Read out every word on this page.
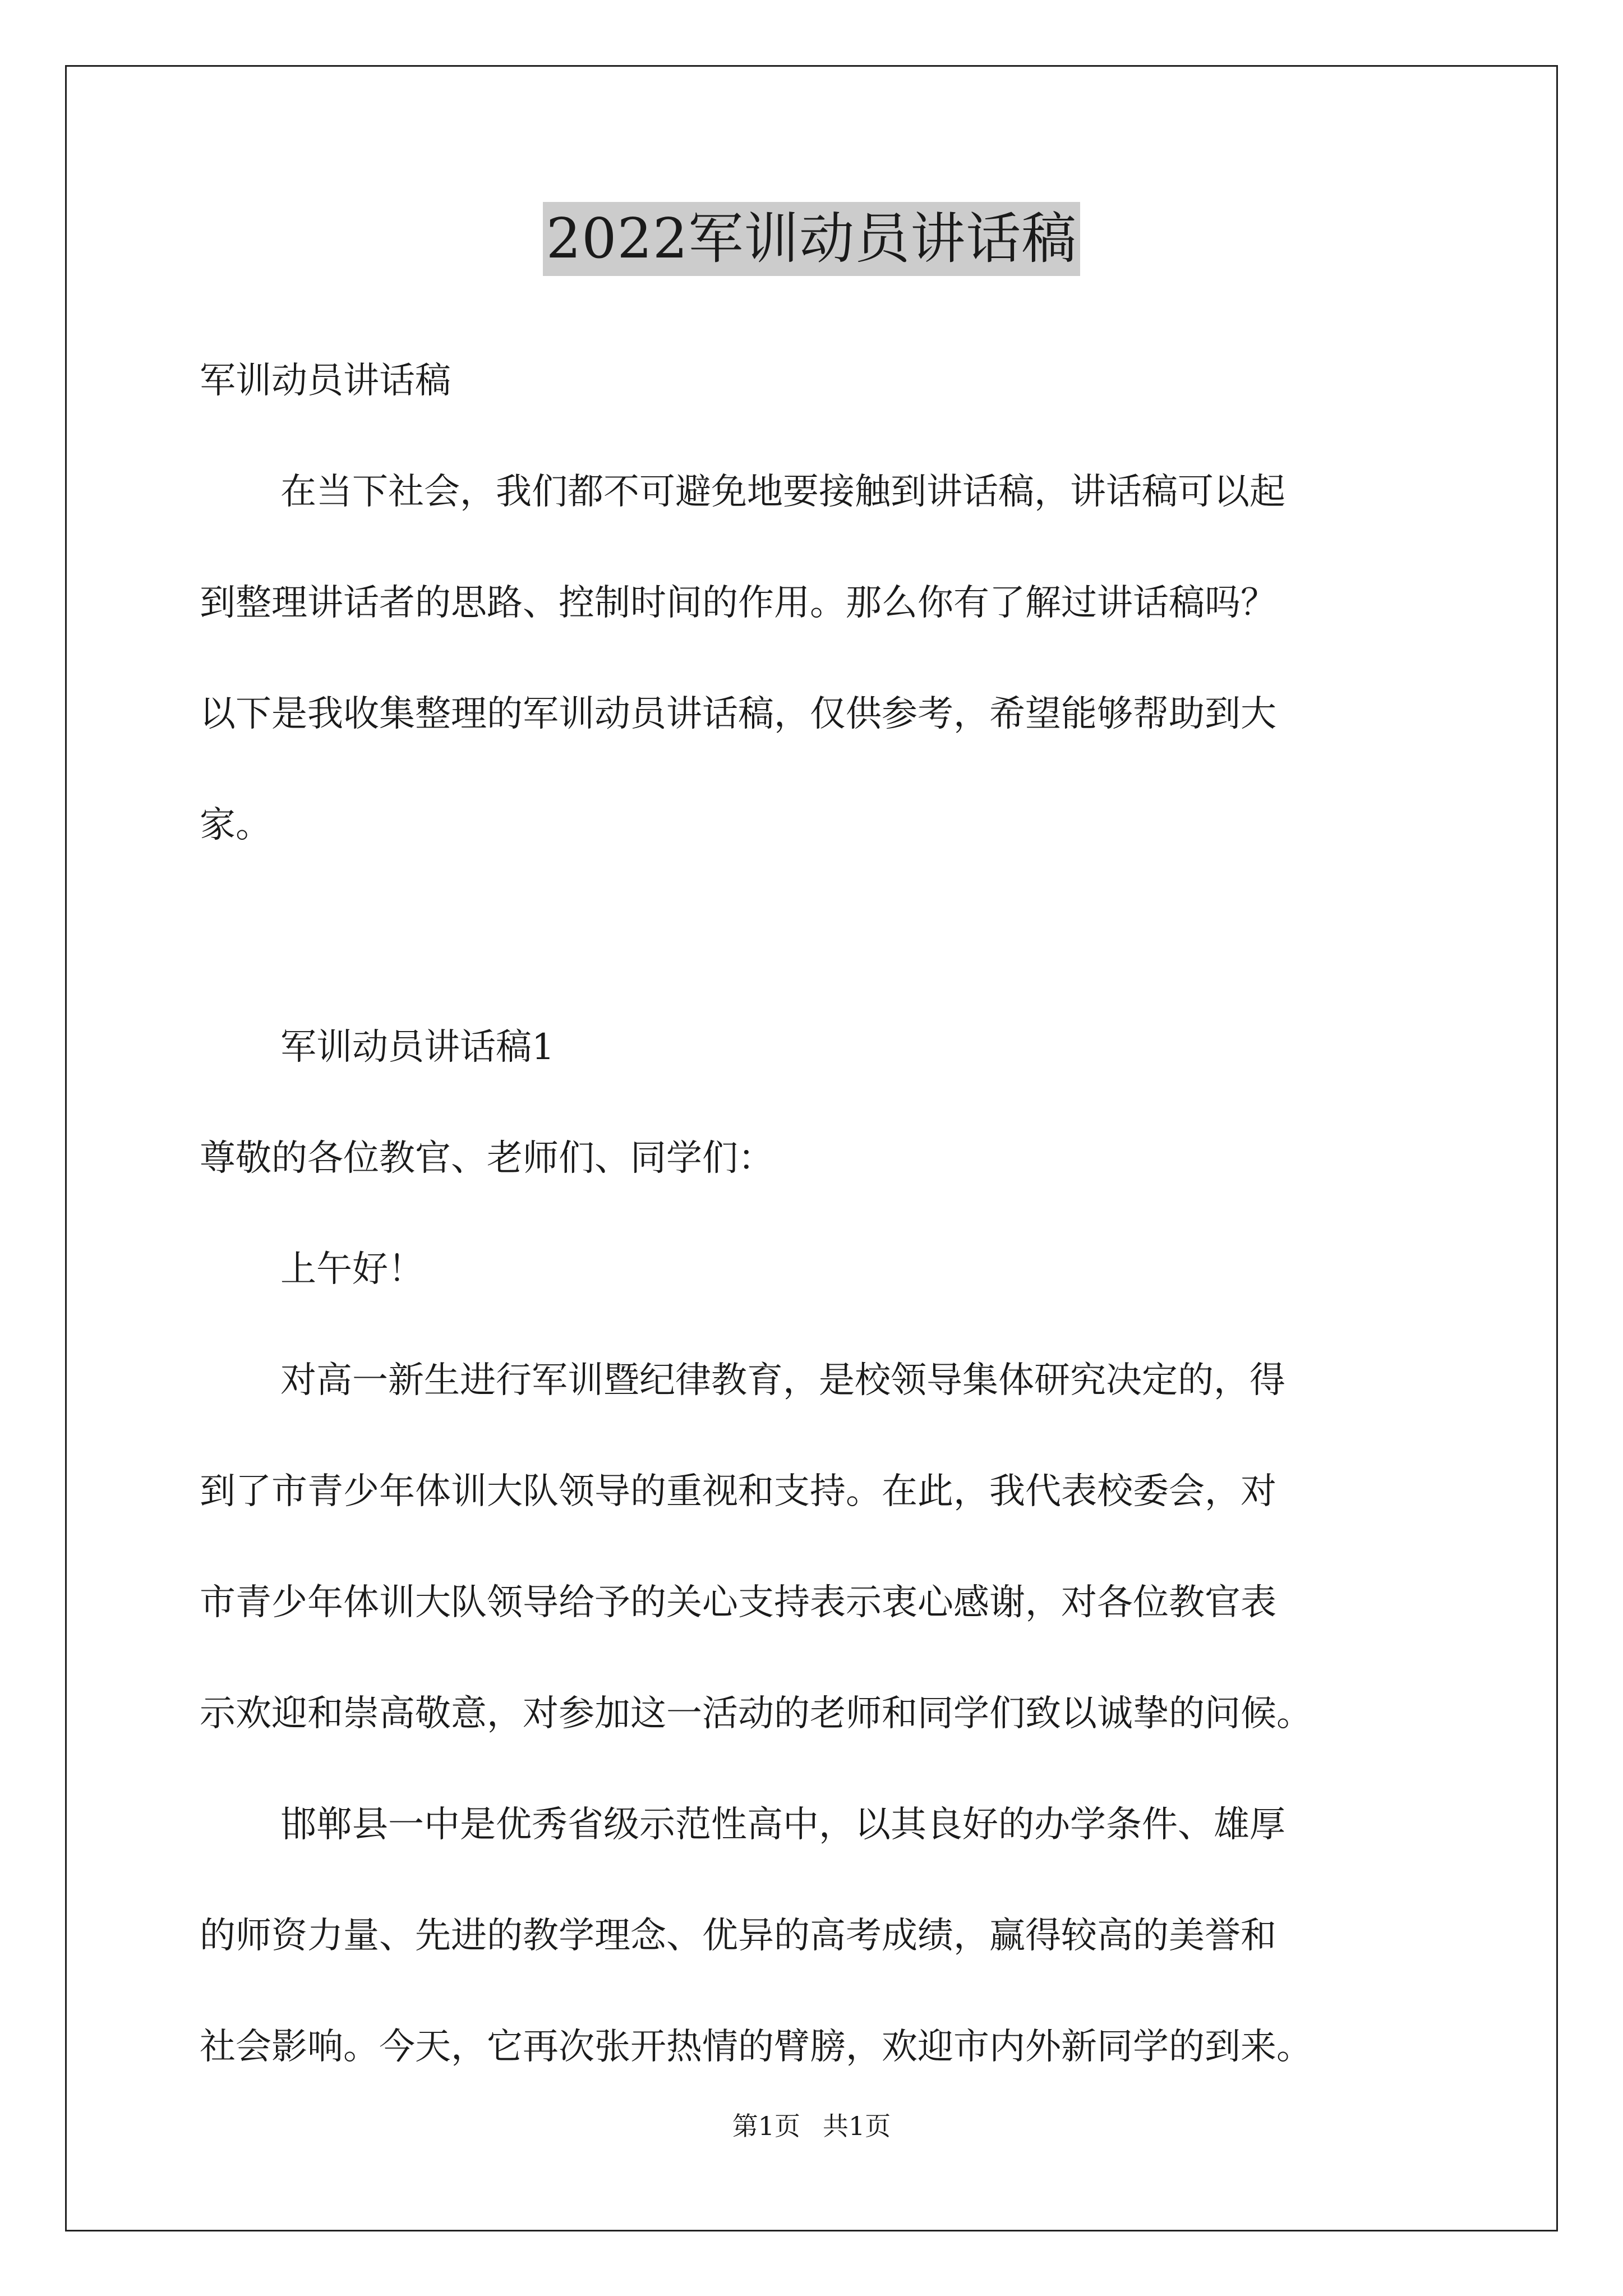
2022军训动员讲话稿

军训动员讲话稿

在当下社会，我们都不可避免地要接触到讲话稿，讲话稿可以起

到整理讲话者的思路、控制时间的作用。那么你有了解过讲话稿吗？

以下是我收集整理的军训动员讲话稿，仅供参考，希望能够帮助到大

家。

军训动员讲话稿1

尊敬的各位教官、老师们、同学们：

上午好！

对高一新生进行军训暨纪律教育，是校领导集体研究决定的，得

到了市青少年体训大队领导的重视和支持。在此，我代表校委会，对

市青少年体训大队领导给予的关心支持表示衷心感谢，对各位教官表

示欢迎和崇高敬意，对参加这一活动的老师和同学们致以诚挚的问候。

邯郸县一中是优秀省级示范性高中，以其良好的办学条件、雄厚

的师资力量、先进的教学理念、优异的高考成绩，赢得较高的美誉和

社会影响。今天，它再次张开热情的臂膀，欢迎市内外新同学的到来。

第1页 共1页
